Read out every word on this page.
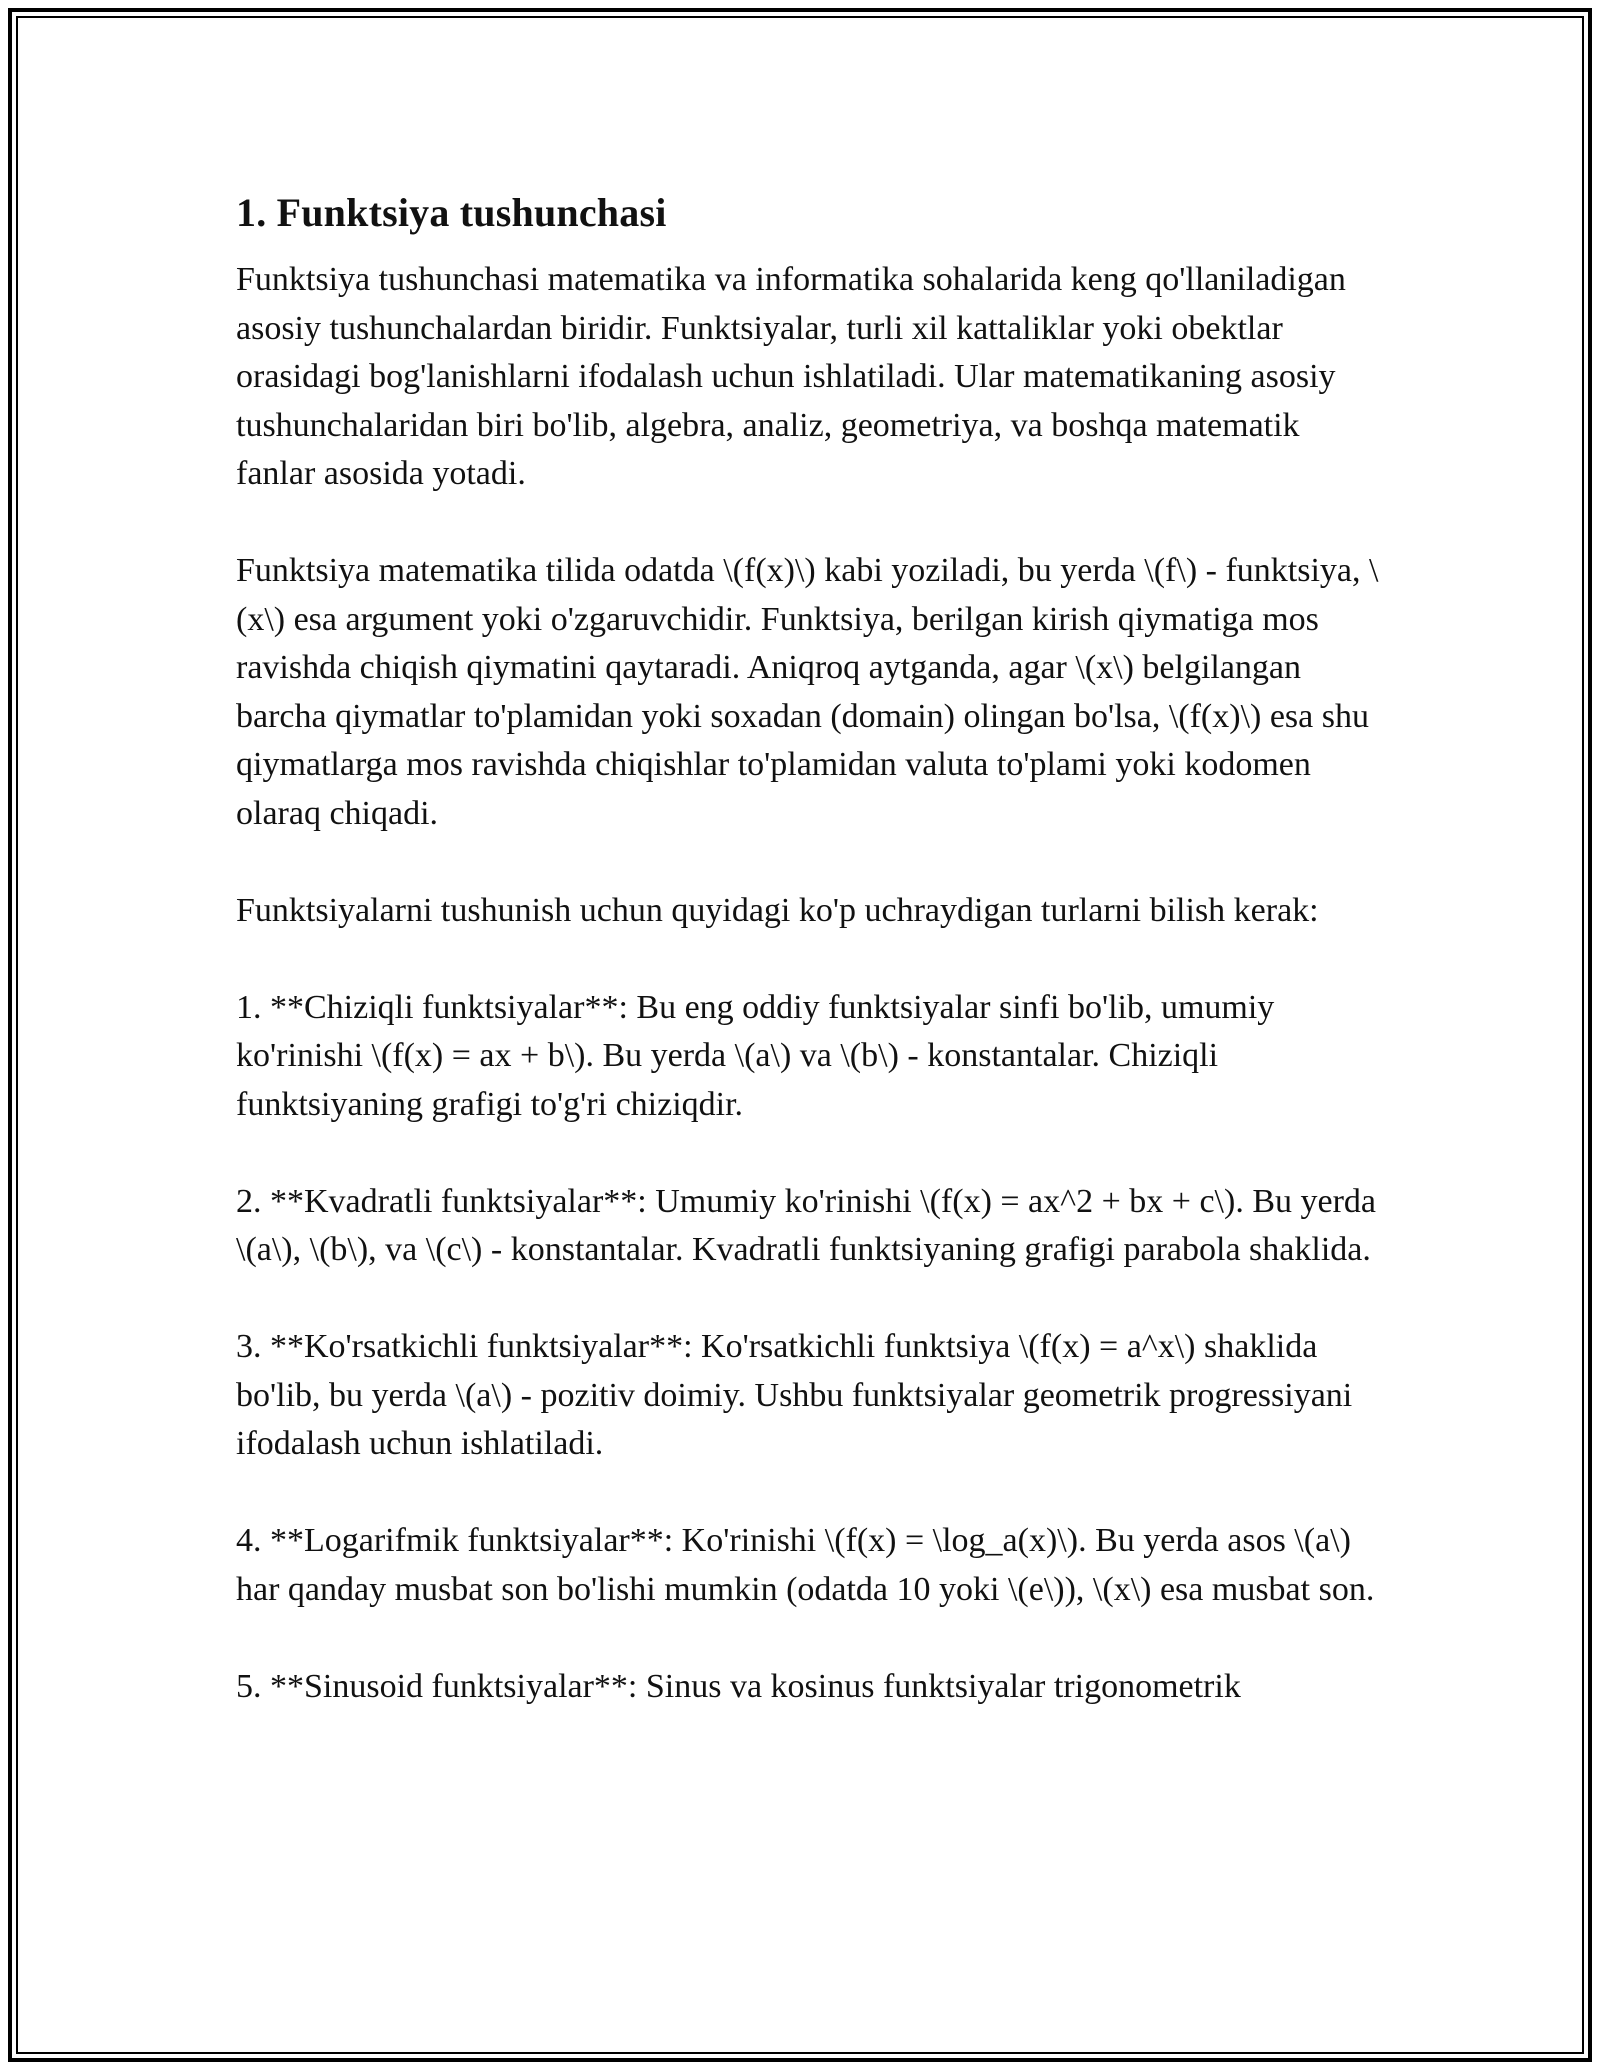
1. Funktsiya tushunchasi

Funktsiya tushunchasi matematika va informatika sohalarida keng qo'llaniladigan asosiy tushunchalardan biridir. Funktsiyalar, turli xil kattaliklar yoki obektlar orasidagi bog'lanishlarni ifodalash uchun ishlatiladi. Ular matematikaning asosiy tushunchalaridan biri bo'lib, algebra, analiz, geometriya, va boshqa matematik fanlar asosida yotadi.

Funktsiya matematika tilida odatda \(f(x)\) kabi yoziladi, bu yerda \(f\) - funktsiya, \(x\) esa argument yoki o'zgaruvchidir. Funktsiya, berilgan kirish qiymatiga mos ravishda chiqish qiymatini qaytaradi. Aniqroq aytganda, agar \(x\) belgilangan barcha qiymatlar to'plamidan yoki soxadan (domain) olingan bo'lsa, \(f(x)\) esa shu qiymatlarga mos ravishda chiqishlar to'plamidan valuta to'plami yoki kodomen olaraq chiqadi.

Funktsiyalarni tushunish uchun quyidagi ko'p uchraydigan turlarni bilish kerak:

1. **Chiziqli funktsiyalar**: Bu eng oddiy funktsiyalar sinfi bo'lib, umumiy ko'rinishi \(f(x) = ax + b\). Bu yerda \(a\) va \(b\) - konstantalar. Chiziqli funktsiyaning grafigi to'g'ri chiziqdir.

2. **Kvadratli funktsiyalar**: Umumiy ko'rinishi \(f(x) = ax^2 + bx + c\). Bu yerda \(a\), \(b\), va \(c\) - konstantalar. Kvadratli funktsiyaning grafigi parabola shaklida.

3. **Ko'rsatkichli funktsiyalar**: Ko'rsatkichli funktsiya \(f(x) = a^x\) shaklida bo'lib, bu yerda \(a\) - pozitiv doimiy. Ushbu funktsiyalar geometrik progressiyani ifodalash uchun ishlatiladi.

4. **Logarifmik funktsiyalar**: Ko'rinishi \(f(x) = \log_a(x)\). Bu yerda asos \(a\) har qanday musbat son bo'lishi mumkin (odatda 10 yoki \(e\)), \(x\) esa musbat son.

5. **Sinusoid funktsiyalar**: Sinus va kosinus funktsiyalar trigonometrik
